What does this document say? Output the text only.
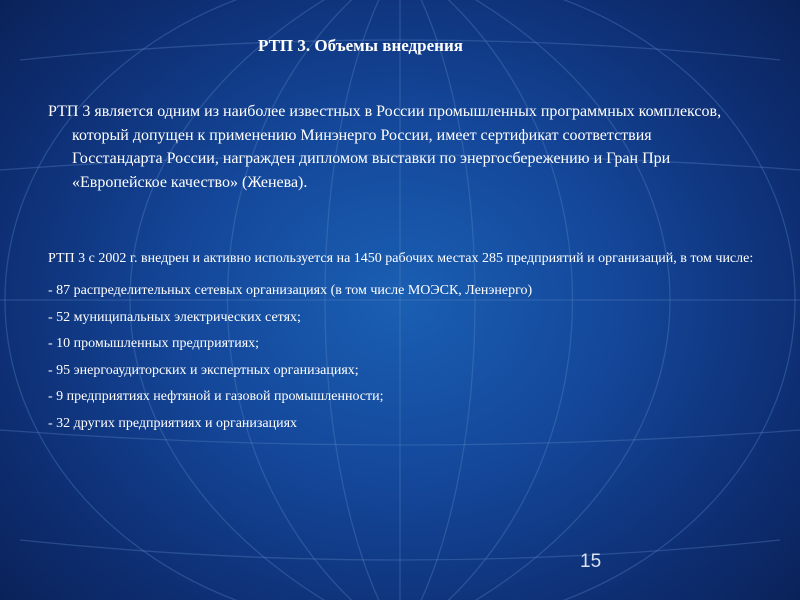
РТП 3. Объемы внедрения

РТП 3 является одним из наиболее известных в России промышленных программных комплексов, который допущен к применению Минэнерго России, имеет сертификат соответствия Госстандарта России, награжден дипломом выставки по энергосбережению и Гран При «Европейское качество» (Женева).

РТП 3 с 2002 г. внедрен и активно используется на 1450 рабочих местах 285 предприятий и организаций, в том числе:

- 87 распределительных сетевых организациях (в том числе МОЭСК, Ленэнерго)
- 52 муниципальных электрических сетях;
- 10 промышленных предприятиях;
- 95 энергоаудиторских и экспертных организациях;
- 9 предприятиях нефтяной и газовой промышленности;
- 32 других предприятиях и организациях
15
